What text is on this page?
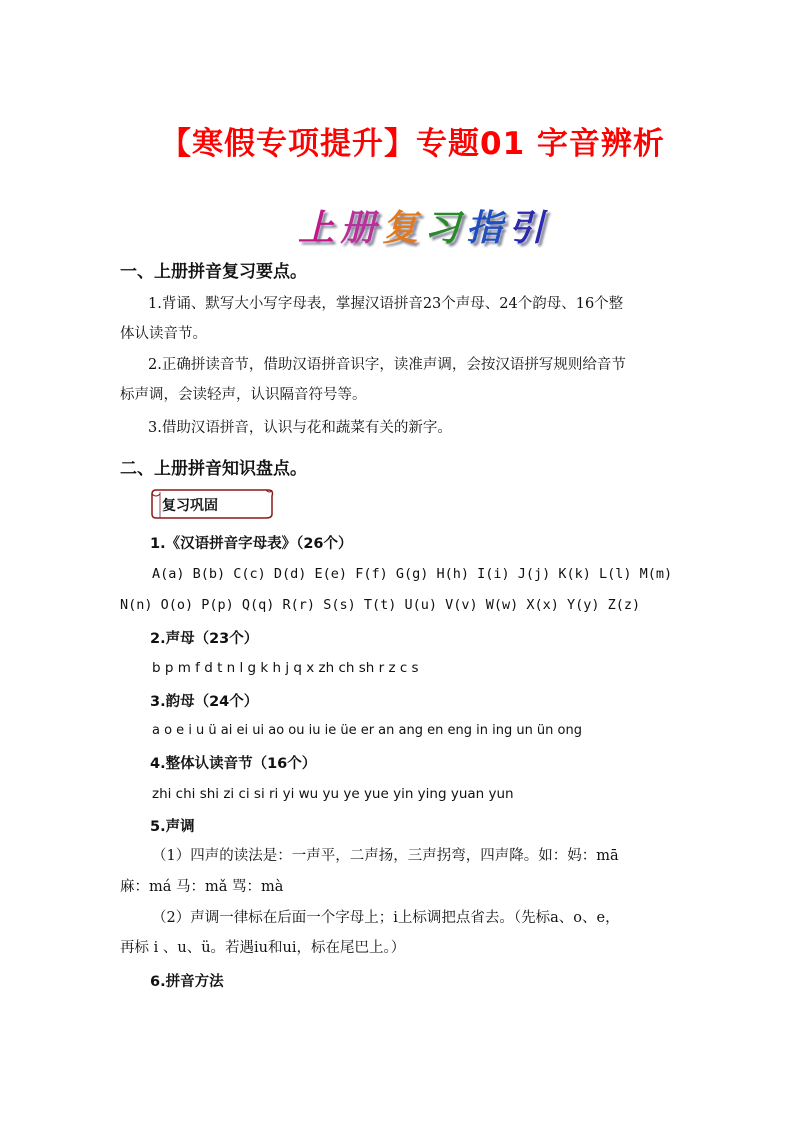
【寒假专项提升】专题01 字音辨析
上 册 复 习 指 引
一、上册拼音复习要点。
1.背诵、默写大小写字母表，掌握汉语拼音23个声母、24个韵母、16个整
体认读音节。
2.正确拼读音节，借助汉语拼音识字，读准声调，会按汉语拼写规则给音节
标声调，会读轻声，认识隔音符号等。
3.借助汉语拼音，认识与花和蔬菜有关的新字。
二、上册拼音知识盘点。
复习巩固
1.《汉语拼音字母表》（26个）
A(a) B(b) C(c) D(d) E(e) F(f) G(g) H(h) I(i) J(j) K(k) L(l) M(m)
N(n) O(o) P(p) Q(q) R(r) S(s) T(t) U(u) V(v) W(w) X(x) Y(y) Z(z)
2.声母（23个）
b p m f d t n l g k h j q x zh ch sh r z c s
3.韵母（24个）
a o e i u ü ai ei ui ao ou iu ie üe er an ang en eng in ing un ün ong
4.整体认读音节（16个）
zhi chi shi zi ci si ri yi wu yu ye yue yin ying yuan yun
5.声调
（1）四声的读法是：一声平，二声扬，三声拐弯，四声降。如：妈：mā
麻：má 马：mǎ 骂：mà
（2）声调一律标在后面一个字母上；i上标调把点省去。（先标a、o、e，
再标 i 、u、ü。若遇iu和ui，标在尾巴上。）
6.拼音方法
